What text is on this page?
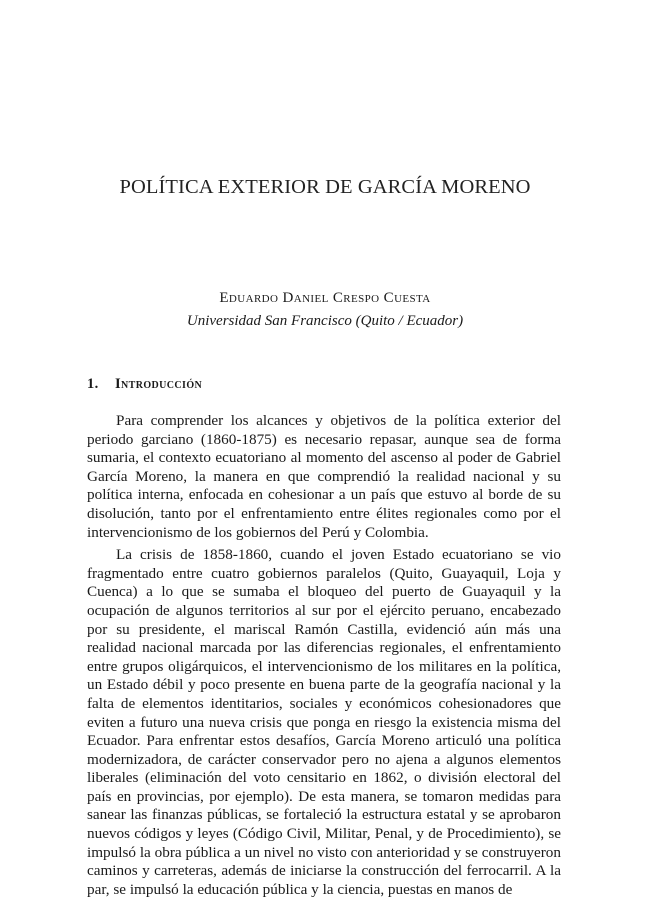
POLÍTICA EXTERIOR DE GARCÍA MORENO
Eduardo Daniel Crespo Cuesta
Universidad San Francisco (Quito / Ecuador)
1. Introducción

Para comprender los alcances y objetivos de la política exterior del periodo garciano (1860-1875) es necesario repasar, aunque sea de forma sumaria, el contexto ecuatoriano al momento del ascenso al poder de Gabriel García Moreno, la manera en que comprendió la realidad nacional y su política interna, enfocada en cohesionar a un país que estuvo al borde de su disolución, tanto por el enfrentamiento entre élites regionales como por el intervencionismo de los gobiernos del Perú y Colombia.

La crisis de 1858-1860, cuando el joven Estado ecuatoriano se vio fragmentado entre cuatro gobiernos paralelos (Quito, Guayaquil, Loja y Cuenca) a lo que se sumaba el bloqueo del puerto de Guayaquil y la ocupación de algunos territorios al sur por el ejército peruano, encabezado por su presidente, el mariscal Ramón Castilla, evidenció aún más una realidad nacional marcada por las diferencias regionales, el enfrentamiento entre grupos oligárquicos, el intervencionismo de los militares en la política, un Estado débil y poco presente en buena parte de la geografía nacional y la falta de elementos identitarios, sociales y económicos cohesionadores que eviten a futuro una nueva crisis que ponga en riesgo la existencia misma del Ecuador. Para enfrentar estos desafíos, García Moreno articuló una política modernizadora, de carácter conservador pero no ajena a algunos elementos liberales (eliminación del voto censitario en 1862, o división electoral del país en provincias, por ejemplo). De esta manera, se tomaron medidas para sanear las finanzas públicas, se fortaleció la estructura estatal y se aprobaron nuevos códigos y leyes (Código Civil, Militar, Penal, y de Procedimiento), se impulsó la obra pública a un nivel no visto con anterioridad y se construyeron caminos y carreteras, además de iniciarse la construcción del ferrocarril. A la par, se impulsó la educación pública y la ciencia, puestas en manos de
